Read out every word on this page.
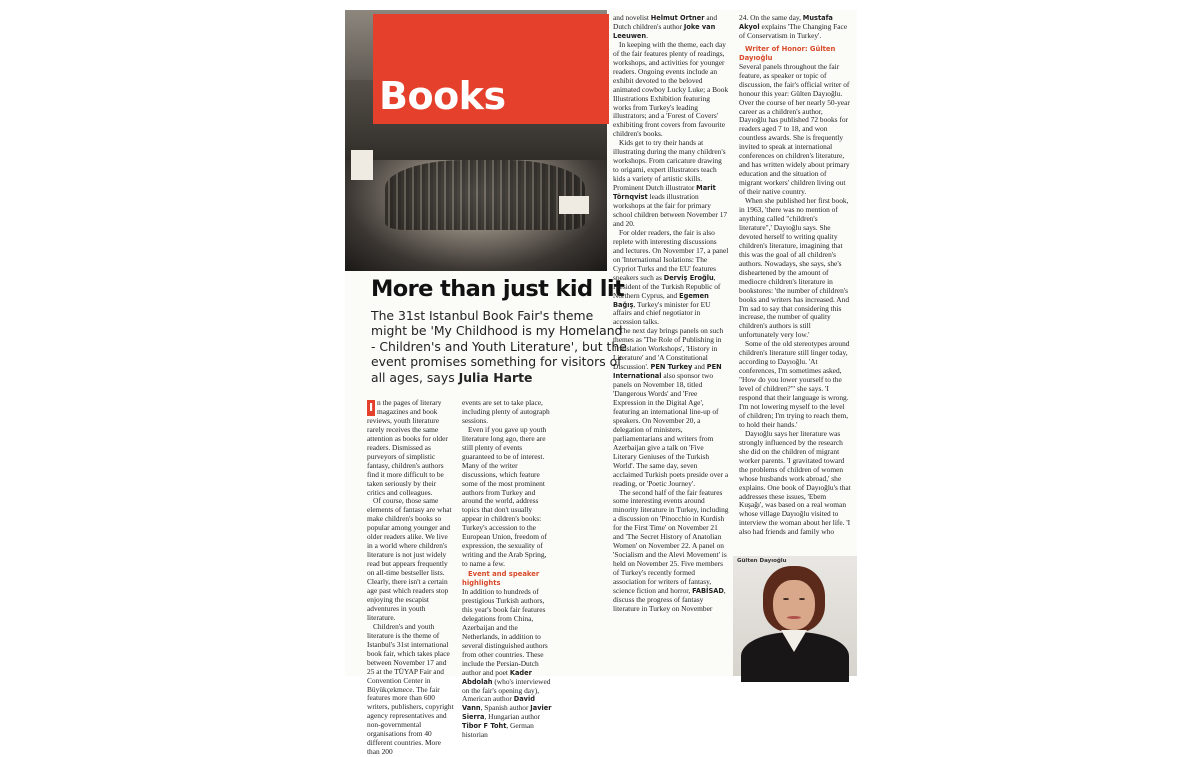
Books
More than just kid lit
The 31st Istanbul Book Fair's theme might be 'My Childhood is my Homeland - Children's and Youth Literature', but the event promises something for visitors of all ages, says Julia Harte

I n the pages of literary magazines and book reviews, youth literature rarely receives the same attention as books for older readers. Dismissed as purveyors of simplistic fantasy, children's authors find it more difficult to be taken seriously by their critics and colleagues.

Of course, those same elements of fantasy are what make children's books so popular among younger and older readers alike. We live in a world where children's literature is not just widely read but appears frequently on all-time bestseller lists. Clearly, there isn't a certain age past which readers stop enjoying the escapist adventures in youth literature.

Children's and youth literature is the theme of Istanbul's 31st international book fair, which takes place between November 17 and 25 at the TÜYAP Fair and Convention Center in Büyükçekmece. The fair features more than 600 writers, publishers, copyright agency representatives and non-governmental organisations from 40 different countries. More than 200

events are set to take place, including plenty of autograph sessions.

Even if you gave up youth literature long ago, there are still plenty of events guaranteed to be of interest. Many of the writer discussions, which feature some of the most prominent authors from Turkey and around the world, address topics that don't usually appear in children's books: Turkey's accession to the European Union, freedom of expression, the sexuality of writing and the Arab Spring, to name a few.

Event and speaker highlights

In addition to hundreds of prestigious Turkish authors, this year's book fair features delegations from China, Azerbaijan and the Netherlands, in addition to several distinguished authors from other countries. These include the Persian-Dutch author and poet Kader Abdolah (who's interviewed on the fair's opening day), American author David Vann, Spanish author Javier Sierra, Hungarian author Tibor F Toht, German historian

and novelist Helmut Ortner and Dutch children's author Joke van Leeuwen.

In keeping with the theme, each day of the fair features plenty of readings, workshops, and activities for younger readers. Ongoing events include an exhibit devoted to the beloved animated cowboy Lucky Luke; a Book Illustrations Exhibition featuring works from Turkey's leading illustrators; and a 'Forest of Covers' exhibiting front covers from favourite children's books.

Kids get to try their hands at illustrating during the many children's workshops. From caricature drawing to origami, expert illustrators teach kids a variety of artistic skills. Prominent Dutch illustrator Marit Törnqvist leads illustration workshops at the fair for primary school children between November 17 and 20.

For older readers, the fair is also replete with interesting discussions and lectures. On November 17, a panel on 'International Isolations: The Cypriot Turks and the EU' features speakers such as Derviş Eroğlu, President of the Turkish Republic of Northern Cyprus, and Egemen Bağış, Turkey's minister for EU affairs and chief negotiator in accession talks.

The next day brings panels on such themes as 'The Role of Publishing in Translation Workshops', 'History in Literature' and 'A Constitutional Discussion'. PEN Turkey and PEN International also sponsor two panels on November 18, titled 'Dangerous Words' and 'Free Expression in the Digital Age', featuring an international line-up of speakers. On November 20, a delegation of ministers, parliamentarians and writers from Azerbaijan give a talk on 'Five Literary Geniuses of the Turkish World'. The same day, seven acclaimed Turkish poets preside over a reading, or 'Poetic Journey'.

The second half of the fair features some interesting events around minority literature in Turkey, including a discussion on 'Pinocchio in Kurdish for the First Time' on November 21 and 'The Secret History of Anatolian Women' on November 22. A panel on 'Socialism and the Alevi Movement' is held on November 25. Five members of Turkey's recently formed association for writers of fantasy, science fiction and horror, FABİSAD, discuss the progress of fantasy literature in Turkey on November

24. On the same day, Mustafa Akyol explains 'The Changing Face of Conservatism in Turkey'.

Writer of Honor: Gülten Dayıoğlu

Several panels throughout the fair feature, as speaker or topic of discussion, the fair's official writer of honour this year: Gülten Dayıoğlu. Over the course of her nearly 50-year career as a children's author, Dayıoğlu has published 72 books for readers aged 7 to 18, and won countless awards. She is frequently invited to speak at international conferences on children's literature, and has written widely about primary education and the situation of migrant workers' children living out of their native country.

When she published her first book, in 1963, 'there was no mention of anything called "children's literature",' Dayıoğlu says. She devoted herself to writing quality children's literature, imagining that this was the goal of all children's authors. Nowadays, she says, she's disheartened by the amount of mediocre children's literature in bookstores: 'the number of children's books and writers has increased. And I'm sad to say that considering this increase, the number of quality children's authors is still unfortunately very low.'

Some of the old stereotypes around children's literature still linger today, according to Dayıoğlu. 'At conferences, I'm sometimes asked, "How do you lower yourself to the level of children?"' she says. 'I respond that their language is wrong. I'm not lowering myself to the level of children; I'm trying to reach them, to hold their hands.'

Dayıoğlu says her literature was strongly influenced by the research she did on the children of migrant worker parents. 'I gravitated toward the problems of children of women whose husbands work abroad,' she explains. One book of Dayıoğlu's that addresses these issues, 'Ebem Kuşağı', was based on a real woman whose village Dayıoğlu visited to interview the woman about her life. 'I also had friends and family who

Gülten Dayıoğlu
